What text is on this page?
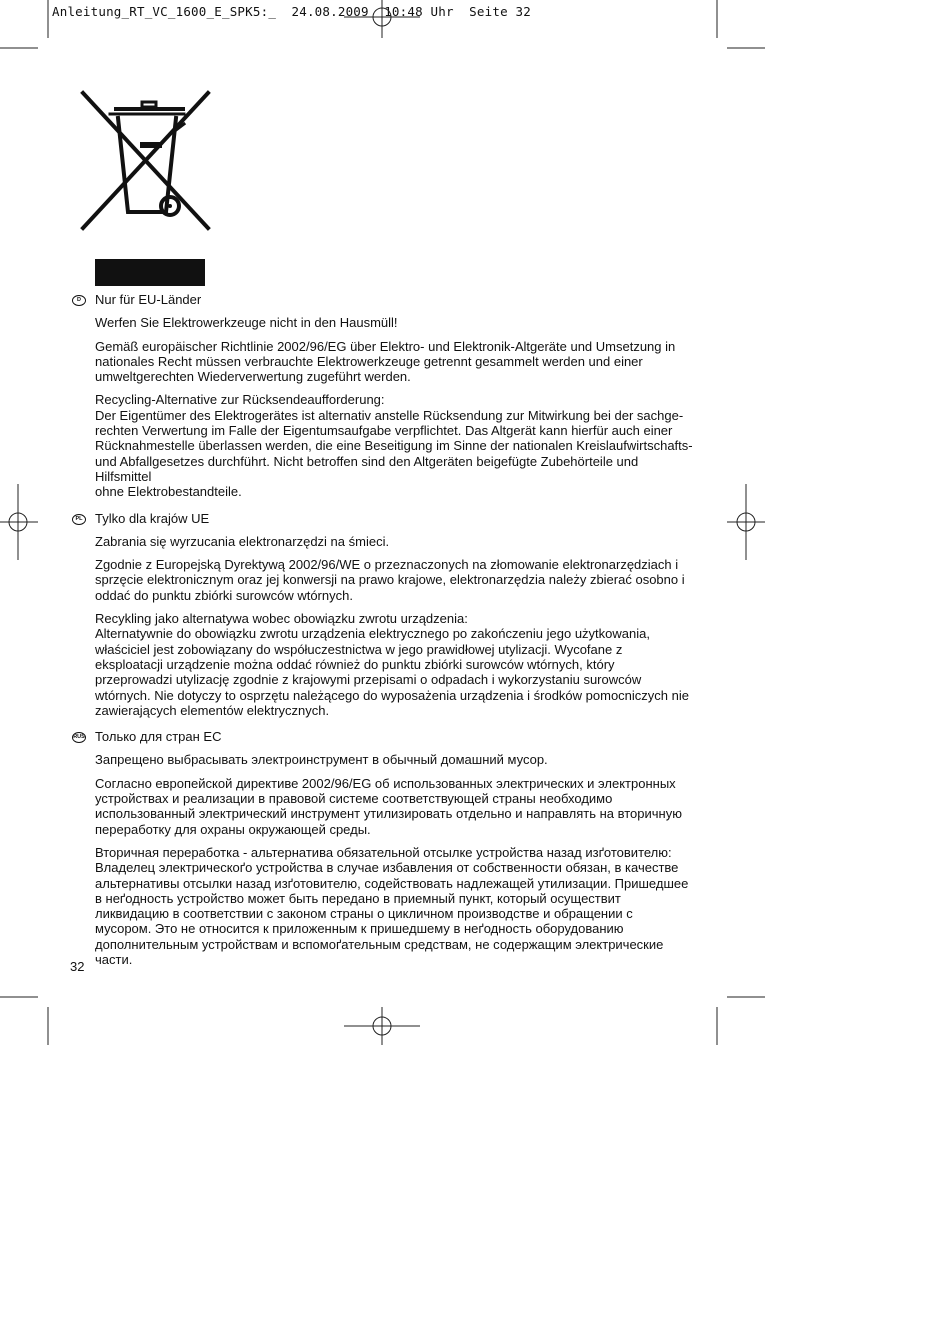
Anleitung_RT_VC_1600_E_SPK5:_  24.08.2009  10:48 Uhr  Seite 32
D	Nur für EU-Länder

Werfen Sie Elektrowerkzeuge nicht in den Hausmüll!

Gemäß europäischer Richtlinie 2002/96/EG über Elektro- und Elektronik-Altgeräte und Umsetzung in
nationales Recht müssen verbrauchte Elektrowerkzeuge getrennt gesammelt werden und einer
umweltgerechten Wiederverwertung zugeführt werden.

Recycling-Alternative zur Rücksendeaufforderung:
Der Eigentümer des Elektrogerätes ist alternativ anstelle Rücksendung zur Mitwirkung bei der sachge-
rechten Verwertung im Falle der Eigentumsaufgabe verpflichtet. Das Altgerät kann hierfür auch einer
Rücknahmestelle überlassen werden, die eine Beseitigung im Sinne der nationalen Kreislaufwirtschafts-
und Abfallgesetzes durchführt. Nicht betroffen sind den Altgeräten beigefügte Zubehörteile und Hilfsmittel
ohne Elektrobestandteile.

PL Tylko dla krajów UE

Zabrania się wyrzucania elektronarzędzi na śmieci.

Zgodnie z Europejską Dyrektywą 2002/96/WE o przeznaczonych na złomowanie elektronarzędziach i
sprzęcie elektronicznym oraz jej konwersji na prawo krajowe, elektronarzędzia należy zbierać osobno i
oddać do punktu zbiórki surowców wtórnych.

Recykling jako alternatywa wobec obowiązku zwrotu urządzenia:
Alternatywnie do obowiązku zwrotu urządzenia elektrycznego po zakończeniu jego użytkowania,
właściciel jest zobowiązany do współuczestnictwa w jego prawidłowej utylizacji. Wycofane z
eksploatacji urządzenie można oddać również do punktu zbiórki surowców wtórnych, który
przeprowadzi utylizację zgodnie z krajowymi przepisami o odpadach i wykorzystaniu surowców
wtórnych. Nie dotyczy to osprzętu należącego do wyposażenia urządzenia i środków pomocniczych nie
zawierających elementów elektrycznych.

RUS Только для стран ЕС

Запрещено выбрасывать электроинструмент в обычный домашний мусор.

Согласно европейской директиве 2002/96/EG об использованных электрических и электронных
устройствах и реализации в правовой системе соответствующей страны необходимо
использованный электрический инструмент утилизировать отдельно и направлять на вторичную
переработку для охраны окружающей среды.

Вторичная переработка - альтернатива обязательной отсылке устройства назад изґотовителю:
Владелец электрическоґо устройства в случае избавления от собственности обязан, в качестве
альтернативы отсылки назад изґотовителю, содействовать надлежащей утилизации. Пришедшее
в неґодность устройство может быть передано в приемный пункт, который осуществит
ликвидацию в соответствии с законом страны о цикличном производстве и обращении с
мусором. Это не относится к приложенным к пришедшему в неґодность оборудованию
дополнительным устройствам и вспомоґательным средствам, не содержащим электрические
части.

32
